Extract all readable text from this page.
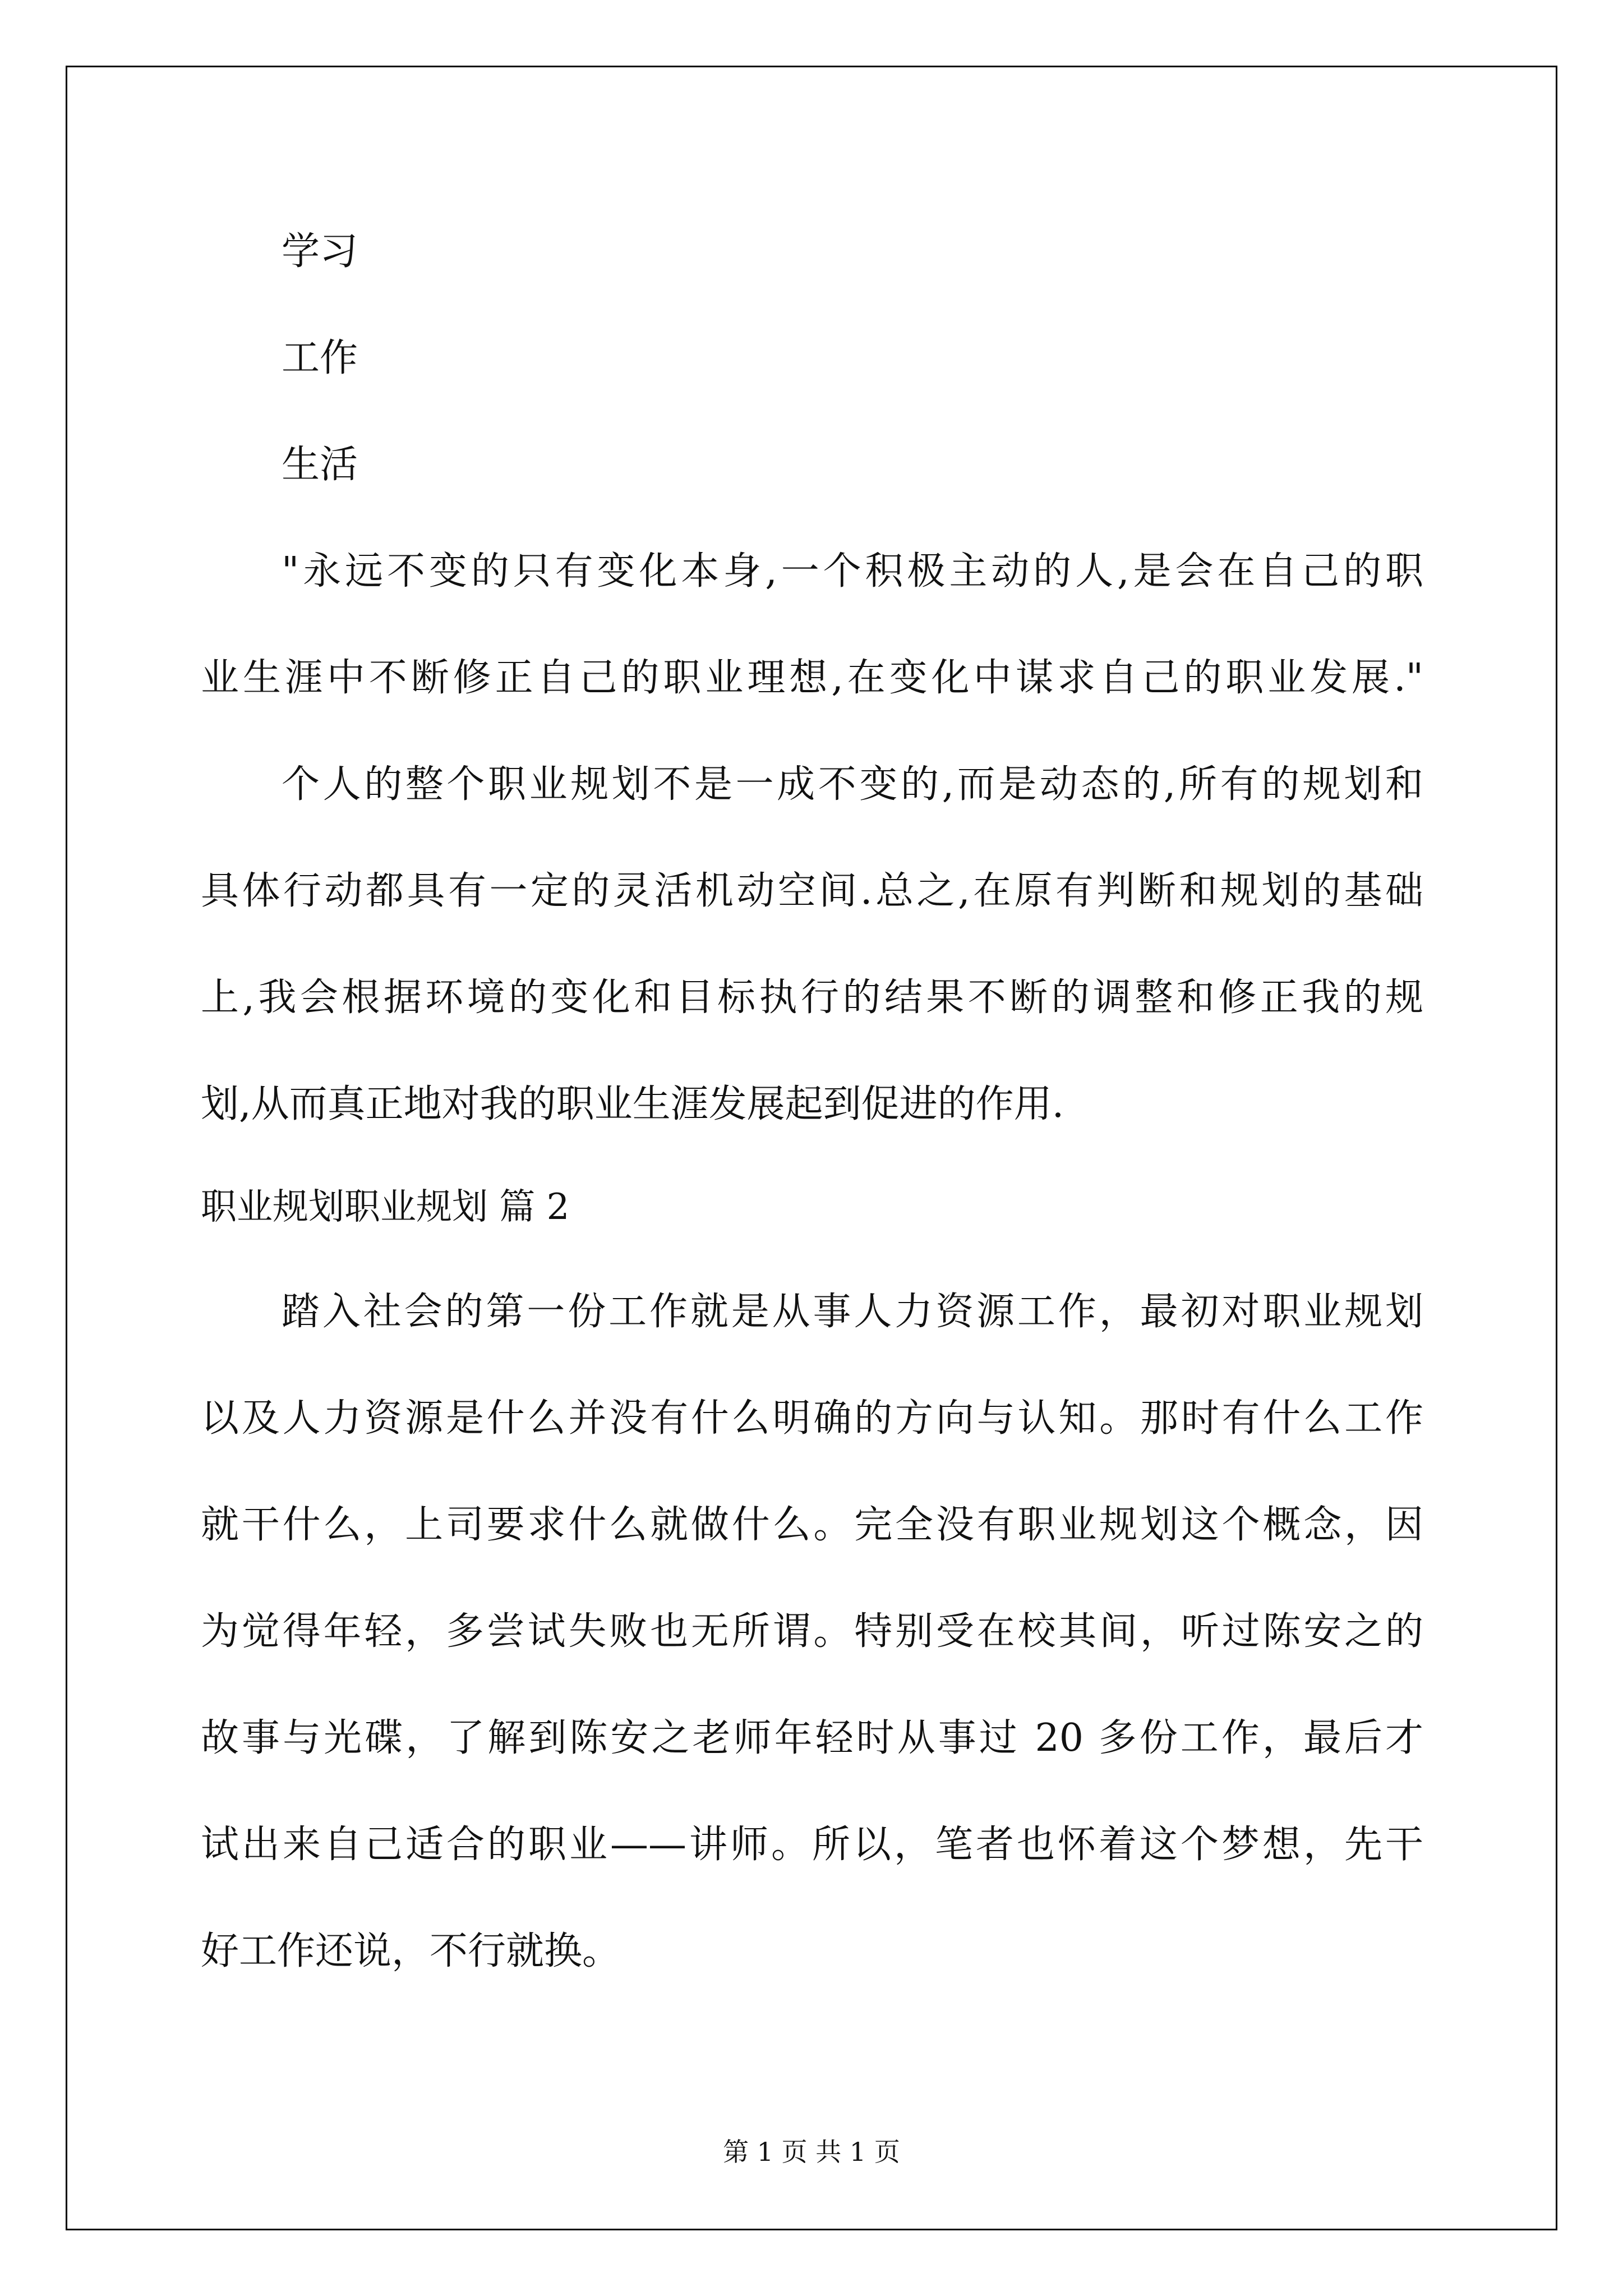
学习
工作
生活
"永远不变的只有变化本身,一个积极主动的人,是会在自己的职
业生涯中不断修正自己的职业理想,在变化中谋求自己的职业发展."
个人的整个职业规划不是一成不变的,而是动态的,所有的规划和
具体行动都具有一定的灵活机动空间.总之,在原有判断和规划的基础
上,我会根据环境的变化和目标执行的结果不断的调整和修正我的规
划,从而真正地对我的职业生涯发展起到促进的作用.
职业规划职业规划 篇 2
踏入社会的第一份工作就是从事人力资源工作，最初对职业规划
以及人力资源是什么并没有什么明确的方向与认知。那时有什么工作
就干什么，上司要求什么就做什么。完全没有职业规划这个概念，因
为觉得年轻，多尝试失败也无所谓。特别受在校其间，听过陈安之的
故事与光碟，了解到陈安之老师年轻时从事过 20 多份工作，最后才
试出来自己适合的职业——讲师。所以，笔者也怀着这个梦想，先干
好工作还说，不行就换。
第 1 页 共 1 页
